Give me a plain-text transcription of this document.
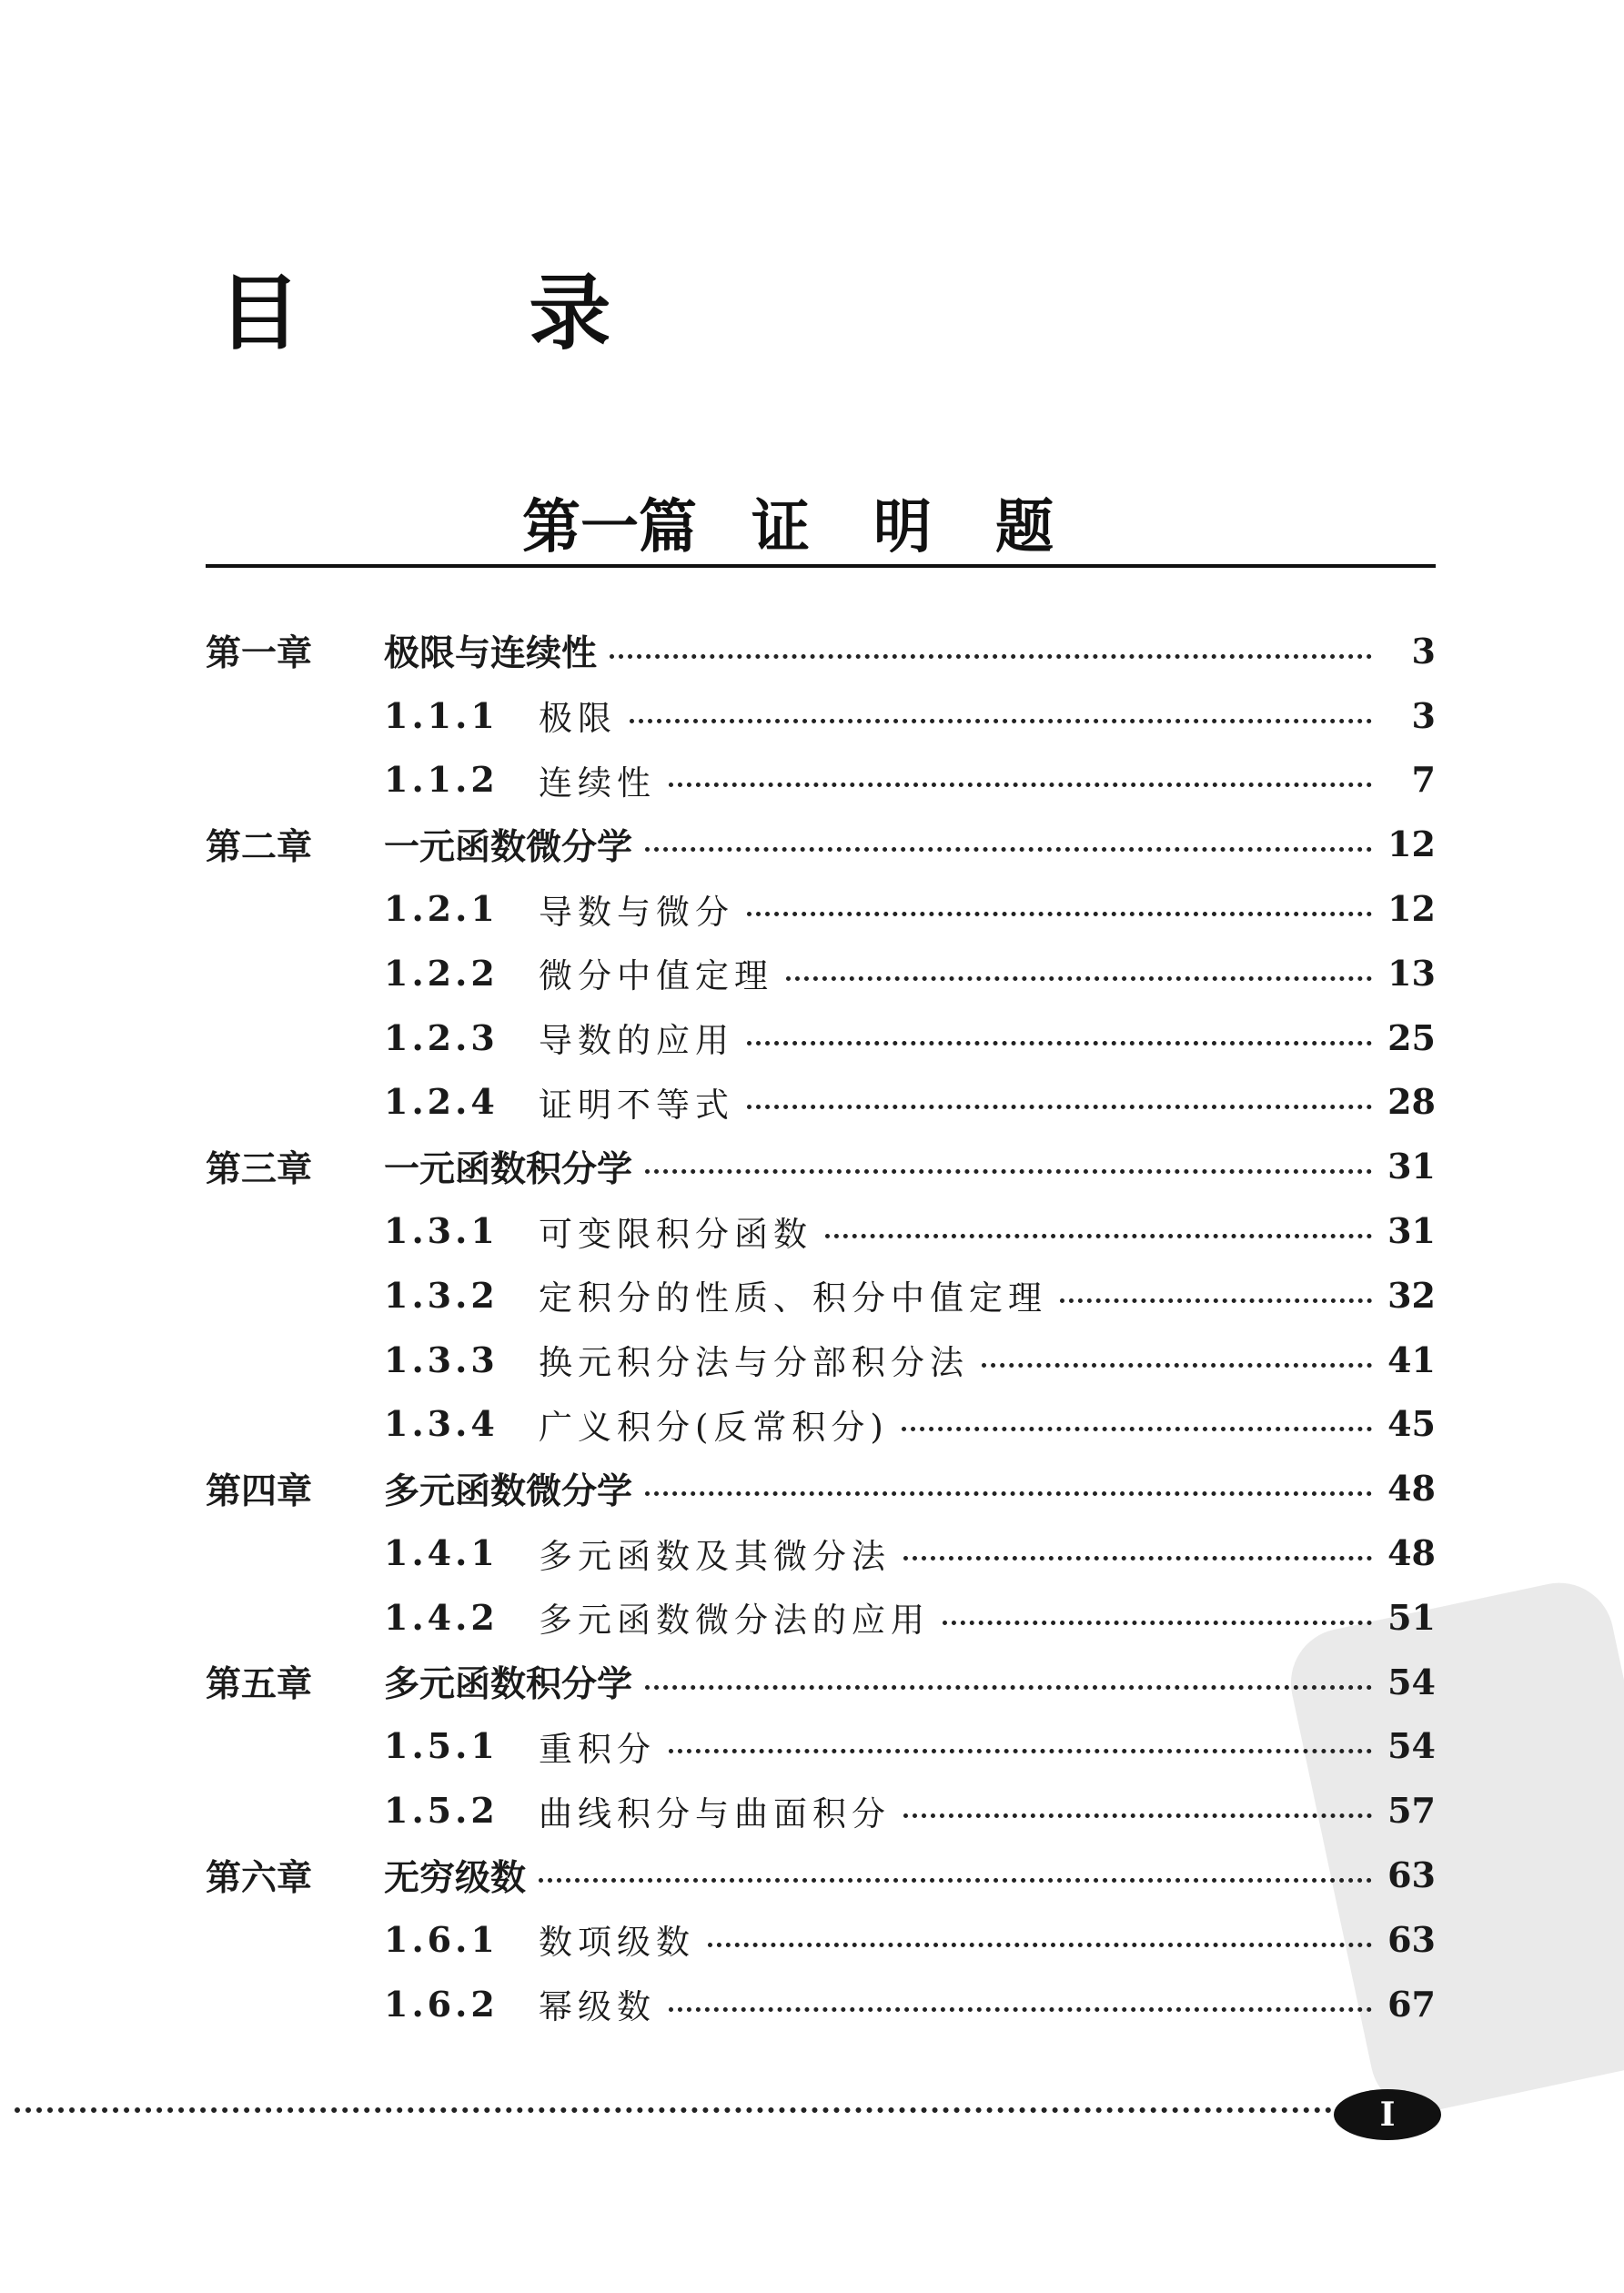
目 录
第一篇 证明题
第一章	极限与连续性	3
1.1.1	极限	3
1.1.2	连续性	7
第二章	一元函数微分学	12
1.2.1	导数与微分	12
1.2.2	微分中值定理	13
1.2.3	导数的应用	25
1.2.4	证明不等式	28
第三章	一元函数积分学	31
1.3.1	可变限积分函数	31
1.3.2	定积分的性质、积分中值定理	32
1.3.3	换元积分法与分部积分法	41
1.3.4	广义积分(反常积分)	45
第四章	多元函数微分学	48
1.4.1	多元函数及其微分法	48
1.4.2	多元函数微分法的应用	51
第五章	多元函数积分学	54
1.5.1	重积分	54
1.5.2	曲线积分与曲面积分	57
第六章	无穷级数	63
1.6.1	数项级数	63
1.6.2	幂级数	67
I
